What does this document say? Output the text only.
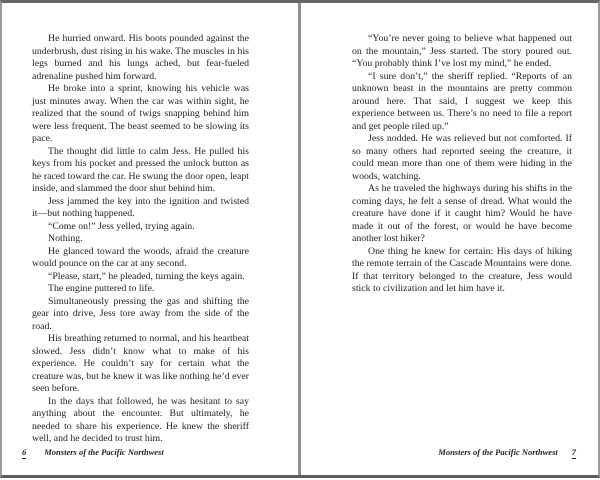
He hurried onward. His boots pounded against the underbrush, dust rising in his wake. The muscles in his legs burned and his lungs ached, but fear-fueled adrenaline pushed him forward.

He broke into a sprint, knowing his vehicle was just minutes away. When the car was within sight, he realized that the sound of twigs snapping behind him were less frequent. The beast seemed to be slowing its pace.

The thought did little to calm Jess. He pulled his keys from his pocket and pressed the unlock button as he raced toward the car. He swung the door open, leapt inside, and slammed the door shut behind him.

Jess jammed the key into the ignition and twisted it—but nothing happened.

“Come on!” Jess yelled, trying again.

Nothing.

He glanced toward the woods, afraid the creature would pounce on the car at any second.

“Please, start,” he pleaded, turning the keys again.

The engine puttered to life.

Simultaneously pressing the gas and shifting the gear into drive, Jess tore away from the side of the road.

His breathing returned to normal, and his heartbeat slowed. Jess didn’t know what to make of his experience. He couldn’t say for certain what the creature was, but he knew it was like nothing he’d ever seen before.

In the days that followed, he was hesitant to say anything about the encounter. But ultimately, he needed to share his experience. He knew the sheriff well, and he decided to trust him.

6 Monsters of the Pacific Northwest

“You’re never going to believe what happened out on the mountain,” Jess started. The story poured out. “You probably think I’ve lost my mind,” he ended.

“I sure don’t,” the sheriff replied. “Reports of an unknown beast in the mountains are pretty common around here. That said, I suggest we keep this experience between us. There’s no need to file a report and get people riled up.”

Jess nodded. He was relieved but not comforted. If so many others had reported seeing the creature, it could mean more than one of them were hiding in the woods, watching.

As he traveled the highways during his shifts in the coming days, he felt a sense of dread. What would the creature have done if it caught him? Would he have made it out of the forest, or would he have become another lost hiker?

One thing he knew for certain: His days of hiking the remote terrain of the Cascade Mountains were done. If that territory belonged to the creature, Jess would stick to civilization and let him have it.

Monsters of the Pacific Northwest 7
